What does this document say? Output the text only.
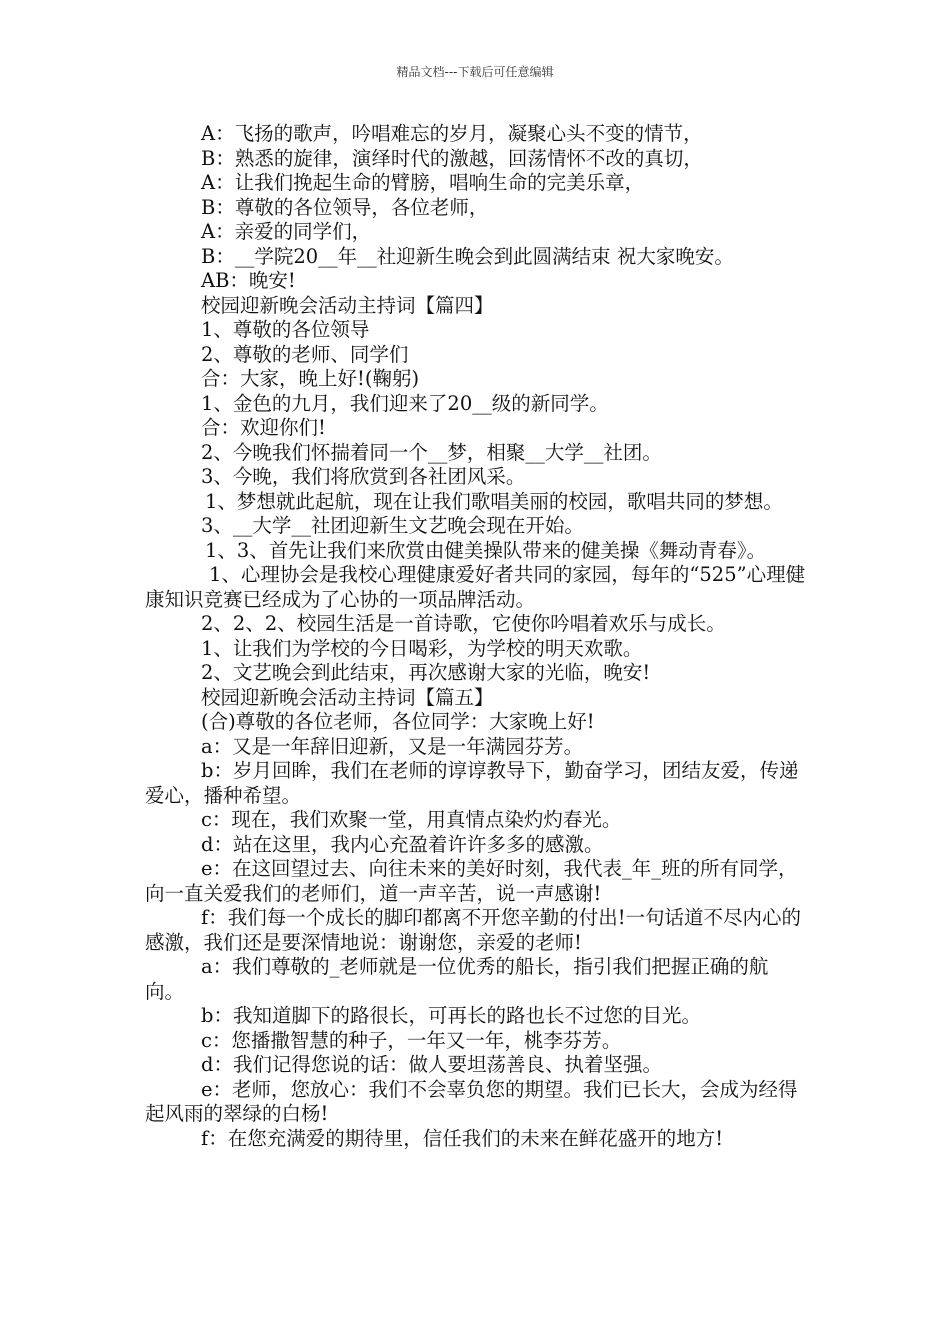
精品文档---下载后可任意编辑

A：飞扬的歌声，吟唱难忘的岁月，凝聚心头不变的情节，

B：熟悉的旋律，演绎时代的激越，回荡情怀不改的真切，

A：让我们挽起生命的臂膀，唱响生命的完美乐章，

B：尊敬的各位领导，各位老师，

A：亲爱的同学们，

B：__学院20__年__社迎新生晚会到此圆满结束 祝大家晚安。

AB：晚安!

校园迎新晚会活动主持词【篇四】

1、尊敬的各位领导

2、尊敬的老师、同学们

合：大家，晚上好!(鞠躬)

1、金色的九月，我们迎来了20__级的新同学。

合：欢迎你们!

2、今晚我们怀揣着同一个__梦，相聚__大学__社团。

3、今晚，我们将欣赏到各社团风采。

1、梦想就此起航，现在让我们歌唱美丽的校园，歌唱共同的梦想。

3、__大学__社团迎新生文艺晚会现在开始。

1、3、首先让我们来欣赏由健美操队带来的健美操《舞动青春》。

1、心理协会是我校心理健康爱好者共同的家园，每年的“525”心理健康知识竞赛已经成为了心协的一项品牌活动。

2、2、2、校园生活是一首诗歌，它使你吟唱着欢乐与成长。

1、让我们为学校的今日喝彩，为学校的明天欢歌。

2、文艺晚会到此结束，再次感谢大家的光临，晚安!

校园迎新晚会活动主持词【篇五】

(合)尊敬的各位老师，各位同学：大家晚上好!

a：又是一年辞旧迎新，又是一年满园芬芳。

b：岁月回眸，我们在老师的谆谆教导下，勤奋学习，团结友爱，传递爱心，播种希望。

c：现在，我们欢聚一堂，用真情点染灼灼春光。

d：站在这里，我内心充盈着许许多多的感激。

e：在这回望过去、向往未来的美好时刻，我代表_年_班的所有同学，向一直关爱我们的老师们，道一声辛苦，说一声感谢!

f：我们每一个成长的脚印都离不开您辛勤的付出!一句话道不尽内心的感激，我们还是要深情地说：谢谢您，亲爱的老师!

a：我们尊敬的_老师就是一位优秀的船长，指引我们把握正确的航向。

b：我知道脚下的路很长，可再长的路也长不过您的目光。

c：您播撒智慧的种子，一年又一年，桃李芬芳。

d：我们记得您说的话：做人要坦荡善良、执着坚强。

e：老师，您放心：我们不会辜负您的期望。我们已长大，会成为经得起风雨的翠绿的白杨!

f：在您充满爱的期待里，信任我们的未来在鲜花盛开的地方!
